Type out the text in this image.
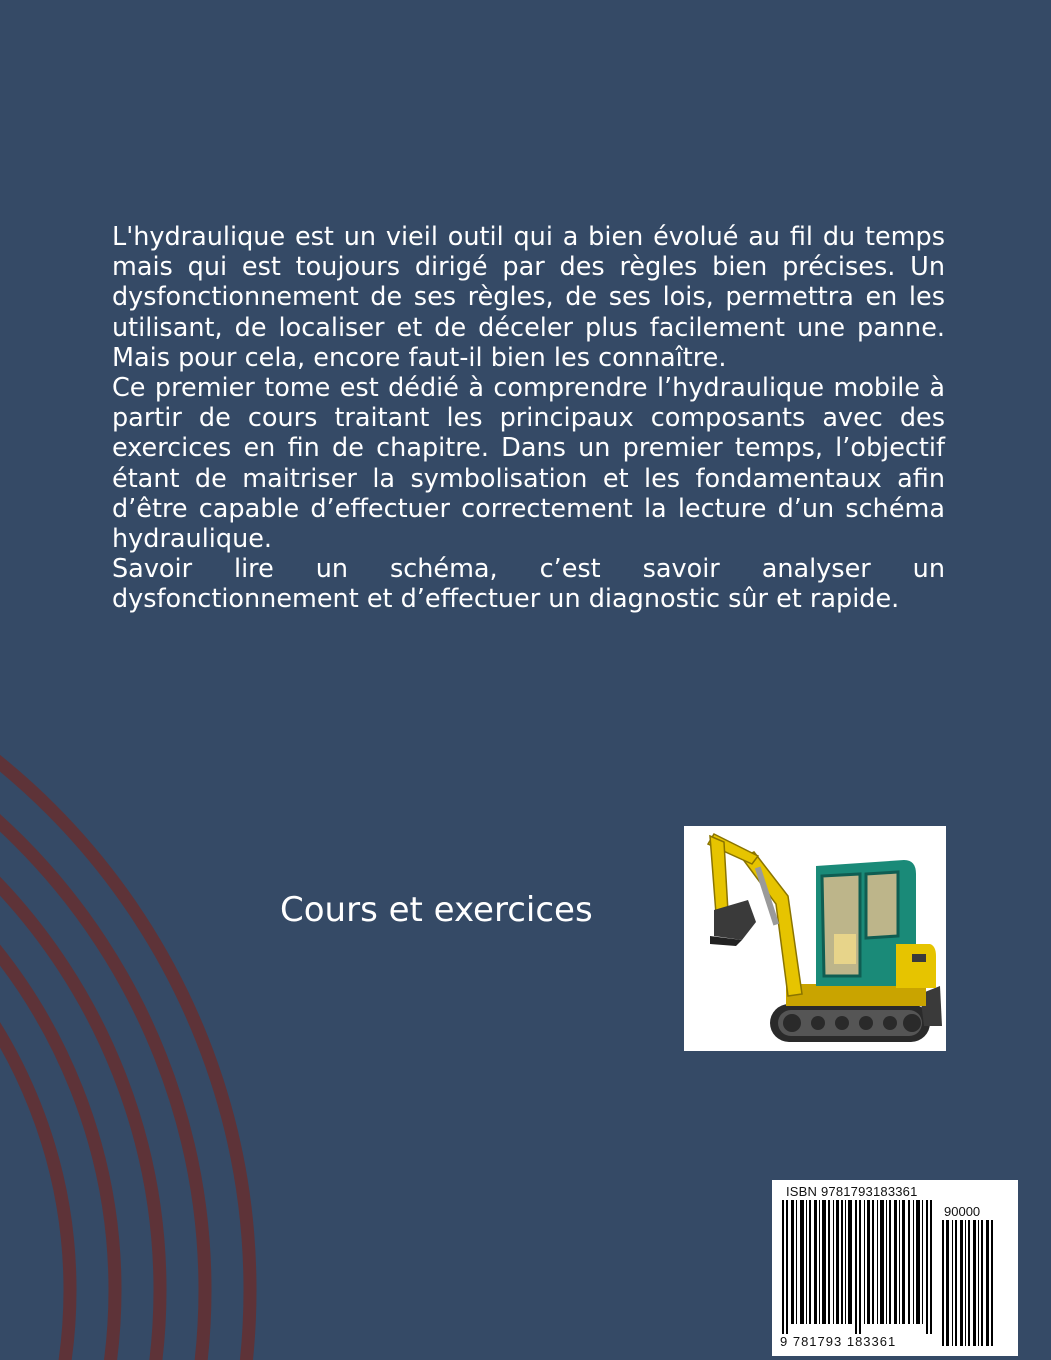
L'hydraulique est un vieil outil qui a bien évolué au fil du temps mais qui est toujours dirigé par des règles bien précises. Un dysfonctionnement de ses règles, de ses lois, permettra en les utilisant, de localiser et de déceler plus facilement une panne. Mais pour cela, encore faut-il bien les connaître.

Ce premier tome est dédié à comprendre l’hydraulique mobile à partir de cours traitant les principaux composants avec des exercices en fin de chapitre. Dans un premier temps, l’objectif étant de maitriser la symbolisation et les fondamentaux afin d’être capable d’effectuer correctement la lecture d’un schéma hydraulique.

Savoir lire un schéma, c’est savoir analyser un dysfonctionnement et d’effectuer un diagnostic sûr et rapide.

Cours et exercices
ISBN 9781793183361
90000
9 781793 183361
